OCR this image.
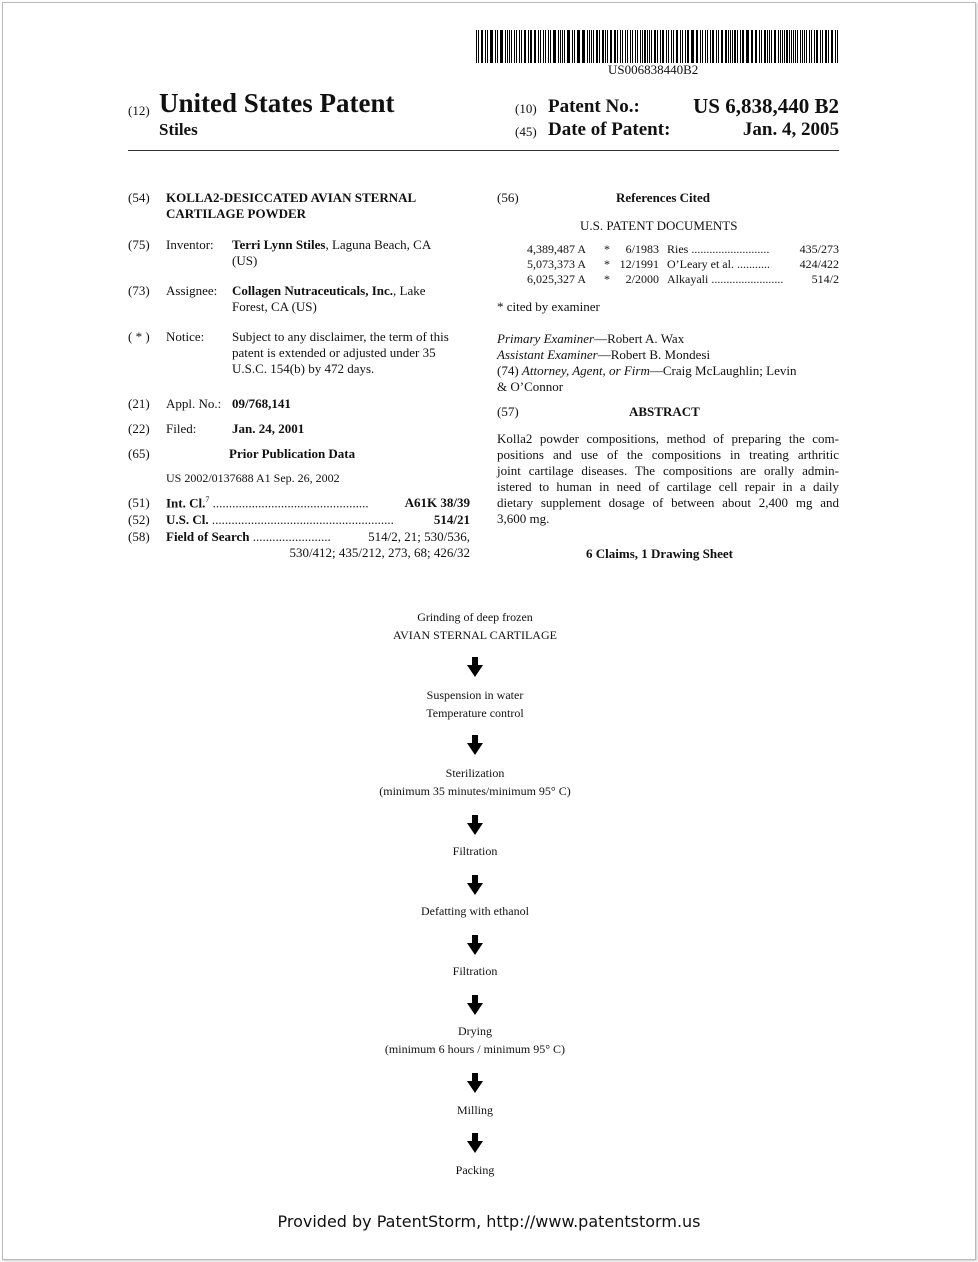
US006838440B2
(12) United States Patent
Stiles
(10) Patent No.:	US 6,838,440 B2
(45) Date of Patent:	Jan. 4, 2005
(54) KOLLA2-DESICCATED AVIAN STERNAL
CARTILAGE POWDER
(75) Inventor: Terri Lynn Stiles, Laguna Beach, CA
(US)
(73) Assignee: Collagen Nutraceuticals, Inc., Lake
Forest, CA (US)
( * ) Notice: Subject to any disclaimer, the term of this
patent is extended or adjusted under 35
U.S.C. 154(b) by 472 days.
(21) Appl. No.: 09/768,141
(22) Filed:	Jan. 24, 2001
(65)	Prior Publication Data
US 2002/0137688 A1 Sep. 26, 2002
(51) Int. Cl.$^7$ ................................................	A61K 38/39
(52) U.S. Cl. ........................................................	514/21
(58) Field of Search ........................	514/2, 21; 530/536,
530/412; 435/212, 273, 68; 426/32
(56)	References Cited
U.S. PATENT DOCUMENTS
4,389,487 A	*	6/1983 Ries ..........................	435/273
5,073,373 A	* 12/1991 O’Leary et al. ...........	424/422
6,025,327 A	*	2/2000 Alkayali ........................	514/2
* cited by examiner
Primary Examiner—Robert A. Wax
Assistant Examiner—Robert B. Mondesi
(74) Attorney, Agent, or Firm—Craig McLaughlin; Levin
& O’Connor
(57)	ABSTRACT
Kolla2 powder compositions, method of preparing the com-
positions and use of the compositions in treating arthritic
joint cartilage diseases. The compositions are orally admin-
istered to human in need of cartilage cell repair in a daily
dietary supplement dosage of between about 2,400 mg and
3,600 mg.
6 Claims, 1 Drawing Sheet
Grinding of deep frozen
AVIAN STERNAL CARTILAGE
Suspension in water
Temperature control
Sterilization
(minimum 35 minutes/minimum 95° C)
Filtration
Defatting with ethanol
Filtration
Drying
(minimum 6 hours / minimum 95° C)
Milling
Packing
Provided by PatentStorm, http://www.patentstorm.us
